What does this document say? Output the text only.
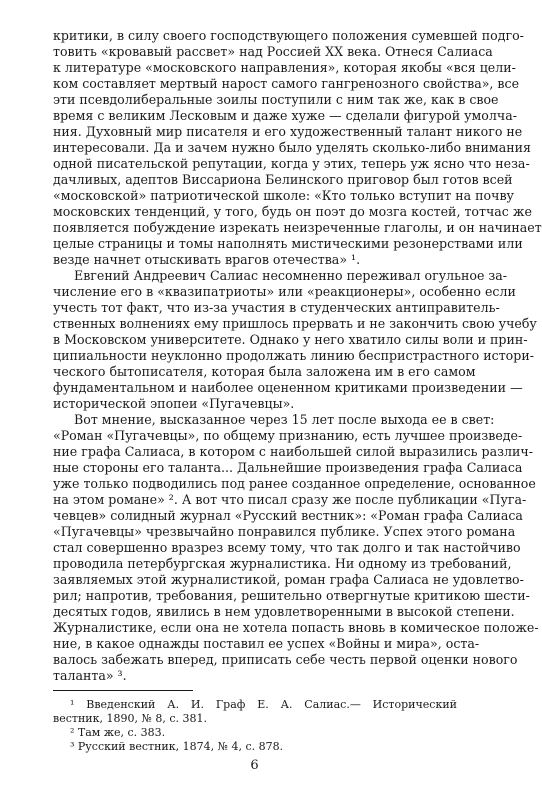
критики, в силу своего господствующего положения сумевшей подго-
товить «кровавый рассвет» над Россией XX века. Отнеся Салиаса
к литературе «московского направления», которая якобы «вся цели-
ком составляет мертвый нарост самого гангренозного свойства», все
эти псевдолиберальные зоилы поступили с ним так же, как в свое
время с великим Лесковым и даже хуже — сделали фигурой умолча-
ния. Духовный мир писателя и его художественный талант никого не
интересовали. Да и зачем нужно было уделять сколько-либо внимания
одной писательской репутации, когда у этих, теперь уж ясно что неза-
дачливых, адептов Виссариона Белинского приговор был готов всей
«московской» патриотической школе: «Кто только вступит на почву
московских тенденций, у того, будь он поэт до мозга костей, тотчас же
появляется побуждение изрекать неизреченные глаголы, и он начинает
целые страницы и томы наполнять мистическими резонерствами или
везде начнет отыскивать врагов отечества» ¹.
Евгений Андреевич Салиас несомненно переживал огульное за-
числение его в «квазипатриоты» или «реакционеры», особенно если
учесть тот факт, что из-за участия в студенческих антиправитель-
ственных волнениях ему пришлось прервать и не закончить свою учебу
в Московском университете. Однако у него хватило силы воли и прин-
ципиальности неуклонно продолжать линию беспристрастного истори-
ческого бытописателя, которая была заложена им в его самом
фундаментальном и наиболее оцененном критиками произведении —
исторической эпопеи «Пугачевцы».
Вот мнение, высказанное через 15 лет после выхода ее в свет:
«Роман «Пугачевцы», по общему признанию, есть лучшее произведе-
ние графа Салиаса, в котором с наибольшей силой выразились различ-
ные стороны его таланта... Дальнейшие произведения графа Салиаса
уже только подводились под ранее созданное определение, основанное
на этом романе» ². А вот что писал сразу же после публикации «Пуга-
чевцев» солидный журнал «Русский вестник»: «Роман графа Салиаса
«Пугачевцы» чрезвычайно понравился публике. Успех этого романа
стал совершенно вразрез всему тому, что так долго и так настойчиво
проводила петербургская журналистика. Ни одному из требований,
заявляемых этой журналистикой, роман графа Салиаса не удовлетво-
рил; напротив, требования, решительно отвергнутые критикою шести-
десятых годов, явились в нем удовлетворенными в высокой степени.
Журналистике, если она не хотела попасть вновь в комическое положе-
ние, в какое однажды поставил ее успех «Войны и мира», оста-
валось забежать вперед, приписать себе честь первой оценки нового
таланта» ³.
¹ Введенский А. И. Граф Е. А. Салиас.— Исторический
вестник, 1890, № 8, с. 381.
² Там же, с. 383.
³ Русский вестник, 1874, № 4, с. 878.
6
